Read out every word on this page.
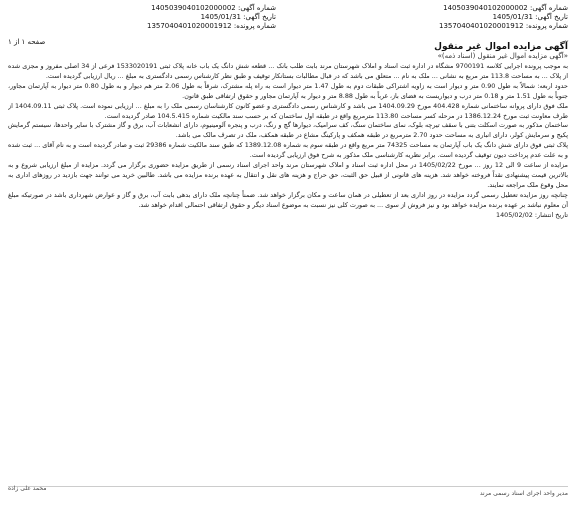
شماره آگهی: 1405039040102000002
تاریخ آگهی: 1405/01/31
شماره پرونده: 1357040401020001912
شماره آگهی: 1405039040102000002
تاریخ آگهی: 1405/01/31
شماره پرونده: 1357040401020001912
صفحه ۱ از ۱	آگهی مزایده اموال غیر منقول
«آگهی مزایده اموال غیر منقول (اسناد ذمه)»

به موجب پرونده اجرایی کلاسه 9700191 مشگاه در اداره ثبت اسناد و املاک شهرستان مرند بابت طلب بانک ... قطعه شش دانگ یک باب خانه پلاک ثبتی 1533020191 فرعی از 34 اصلی مفروز و مجزی شده از پلاک ... به مساحت 113.8 متر مربع به نشانی ... ملک به نام ... متعلق می باشد که در قبال مطالبات بستانکار توقیف و طبق نظر کارشناس رسمی دادگستری به مبلغ ... ریال ارزیابی گردیده است.

حدود اربعه: شمالاً به طول 0.90 متر و دیوار است به زاویه اشتراکی طبقات دوم به طول 1.47 متر دیوار است به راه پله مشترک، شرقاً به طول 2.06 متر هم دیوار و به طول 0.80 متر دیوار به آپارتمان مجاور، جنوباً به طول 1.51 متر و 0.18 متر درب و دیواریست به فضای باز، غرباً به طول 8.88 متر و دیوار به آپارتمان مجاور و حقوق ارتفاقی طبق قانون.

ملک فوق دارای پروانه ساختمانی شماره 404.428 مورخ 1404.09.29 می باشد و کارشناس رسمی دادگستری و عضو کانون کارشناسان رسمی ملک را به مبلغ ... ارزیابی نموده است. پلاک ثبتی 1404.09.11 از طرف معاونت ثبت مورخ 1386.12.24 در مرحله کسر مساحت 113.80 مترمربع واقع در طبقه اول ساختمان که بر حسب سند مالکیت شماره 104.5.415 صادر گردیده است.

ساختمان مذکور به صورت اسکلت بتنی با سقف تیرچه بلوک، نمای ساختمان سنگ، کف سرامیک، دیوارها گچ و رنگ، درب و پنجره آلومینیوم، دارای انشعابات آب، برق و گاز مشترک با سایر واحدها، سیستم گرمایش پکیج و سرمایش کولر، دارای انباری به مساحت حدود 2.70 مترمربع در طبقه همکف و پارکینگ مشاع در طبقه همکف، ملک در تصرف مالک می باشد.

پلاک ثبتی فوق دارای شش دانگ یک باب آپارتمان به مساحت 74325 متر مربع واقع در طبقه سوم به شماره 1389.12.08 که طبق سند مالکیت شماره 29386 ثبت و صادر گردیده است و به نام آقای ... ثبت شده و به علت عدم پرداخت دیون توقیف گردیده است. برابر نظریه کارشناسی ملک مذکور به شرح فوق ارزیابی گردیده است.

مزایده از ساعت 9 الی 12 روز ... مورخ 1405/02/22 در محل اداره ثبت اسناد و املاک شهرستان مرند واحد اجرای اسناد رسمی از طریق مزایده حضوری برگزار می گردد. مزایده از مبلغ ارزیابی شروع و به بالاترین قیمت پیشنهادی نقداً فروخته خواهد شد. هزینه های قانونی از قبیل حق الثبت، حق حراج و هزینه های نقل و انتقال به عهده برنده مزایده می باشد. طالبین خرید می توانند جهت بازدید در روزهای اداری به محل وقوع ملک مراجعه نمایند.

چنانچه روز مزایده تعطیل رسمی گردد مزایده در روز اداری بعد از تعطیلی در همان ساعت و مکان برگزار خواهد شد. ضمناً چنانچه ملک دارای بدهی بابت آب، برق و گاز و عوارض شهرداری باشد در صورتیکه مبلغ آن معلوم نباشد بر عهده برنده مزایده خواهد بود و نیز فروش از سوی ... به صورت کلی نیز نسبت به موضوع اسناد دیگر و حقوق ارتفاقی احتمالی اقدام خواهد شد.

تاریخ انتشار: 1405/02/02

مدیر واحد اجرای اسناد رسمی مرند
محمد علی زاده
